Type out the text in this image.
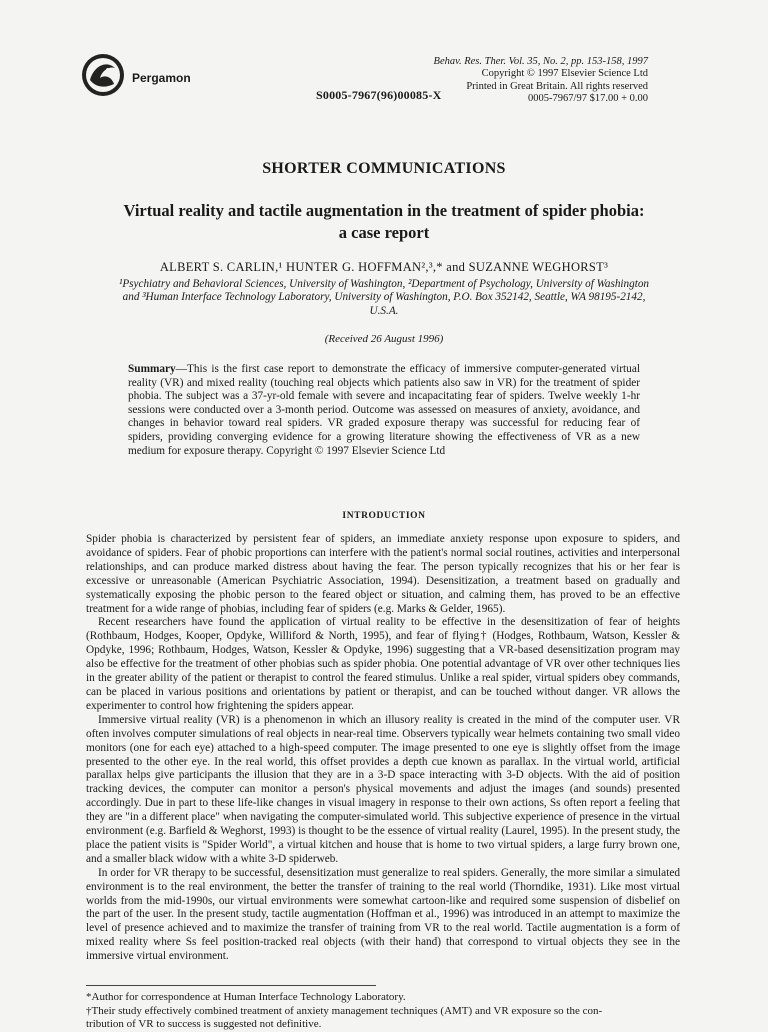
Pergamon
S0005-7967(96)00085-X
Behav. Res. Ther. Vol. 35, No. 2, pp. 153-158, 1997
Copyright © 1997 Elsevier Science Ltd
Printed in Great Britain. All rights reserved
0005-7967/97 $17.00 + 0.00
SHORTER COMMUNICATIONS
Virtual reality and tactile augmentation in the treatment of spider phobia: a case report
ALBERT S. CARLIN,¹ HUNTER G. HOFFMAN²,³,* and SUZANNE WEGHORST³
¹Psychiatry and Behavioral Sciences, University of Washington, ²Department of Psychology, University of Washington and ³Human Interface Technology Laboratory, University of Washington, P.O. Box 352142, Seattle, WA 98195-2142, U.S.A.
(Received 26 August 1996)
Summary—This is the first case report to demonstrate the efficacy of immersive computer-generated virtual reality (VR) and mixed reality (touching real objects which patients also saw in VR) for the treatment of spider phobia. The subject was a 37-yr-old female with severe and incapacitating fear of spiders. Twelve weekly 1-hr sessions were conducted over a 3-month period. Outcome was assessed on measures of anxiety, avoidance, and changes in behavior toward real spiders. VR graded exposure therapy was successful for reducing fear of spiders, providing converging evidence for a growing literature showing the effectiveness of VR as a new medium for exposure therapy. Copyright © 1997 Elsevier Science Ltd
INTRODUCTION

Spider phobia is characterized by persistent fear of spiders, an immediate anxiety response upon exposure to spiders, and avoidance of spiders. Fear of phobic proportions can interfere with the patient's normal social routines, activities and interpersonal relationships, and can produce marked distress about having the fear. The person typically recognizes that his or her fear is excessive or unreasonable (American Psychiatric Association, 1994). Desensitization, a treatment based on gradually and systematically exposing the phobic person to the feared object or situation, and calming them, has proved to be an effective treatment for a wide range of phobias, including fear of spiders (e.g. Marks & Gelder, 1965).

Recent researchers have found the application of virtual reality to be effective in the desensitization of fear of heights (Rothbaum, Hodges, Kooper, Opdyke, Williford & North, 1995), and fear of flying† (Hodges, Rothbaum, Watson, Kessler & Opdyke, 1996; Rothbaum, Hodges, Watson, Kessler & Opdyke, 1996) suggesting that a VR-based desensitization program may also be effective for the treatment of other phobias such as spider phobia. One potential advantage of VR over other techniques lies in the greater ability of the patient or therapist to control the feared stimulus. Unlike a real spider, virtual spiders obey commands, can be placed in various positions and orientations by patient or therapist, and can be touched without danger. VR allows the experimenter to control how frightening the spiders appear.

Immersive virtual reality (VR) is a phenomenon in which an illusory reality is created in the mind of the computer user. VR often involves computer simulations of real objects in near-real time. Observers typically wear helmets containing two small video monitors (one for each eye) attached to a high-speed computer. The image presented to one eye is slightly offset from the image presented to the other eye. In the real world, this offset provides a depth cue known as parallax. In the virtual world, artificial parallax helps give participants the illusion that they are in a 3-D space interacting with 3-D objects. With the aid of position tracking devices, the computer can monitor a person's physical movements and adjust the images (and sounds) presented accordingly. Due in part to these life-like changes in visual imagery in response to their own actions, Ss often report a feeling that they are "in a different place" when navigating the computer-simulated world. This subjective experience of presence in the virtual environment (e.g. Barfield & Weghorst, 1993) is thought to be the essence of virtual reality (Laurel, 1995). In the present study, the place the patient visits is "Spider World", a virtual kitchen and house that is home to two virtual spiders, a large furry brown one, and a smaller black widow with a white 3-D spiderweb.

In order for VR therapy to be successful, desensitization must generalize to real spiders. Generally, the more similar a simulated environment is to the real environment, the better the transfer of training to the real world (Thorndike, 1931). Like most virtual worlds from the mid-1990s, our virtual environments were somewhat cartoon-like and required some suspension of disbelief on the part of the user. In the present study, tactile augmentation (Hoffman et al., 1996) was introduced in an attempt to maximize the level of presence achieved and to maximize the transfer of training from VR to the real world. Tactile augmentation is a form of mixed reality where Ss feel position-tracked real objects (with their hand) that correspond to virtual objects they see in the immersive virtual environment.

*Author for correspondence at Human Interface Technology Laboratory.
†Their study effectively combined treatment of anxiety management techniques (AMT) and VR exposure so the con-
tribution of VR to success is suggested not definitive.
